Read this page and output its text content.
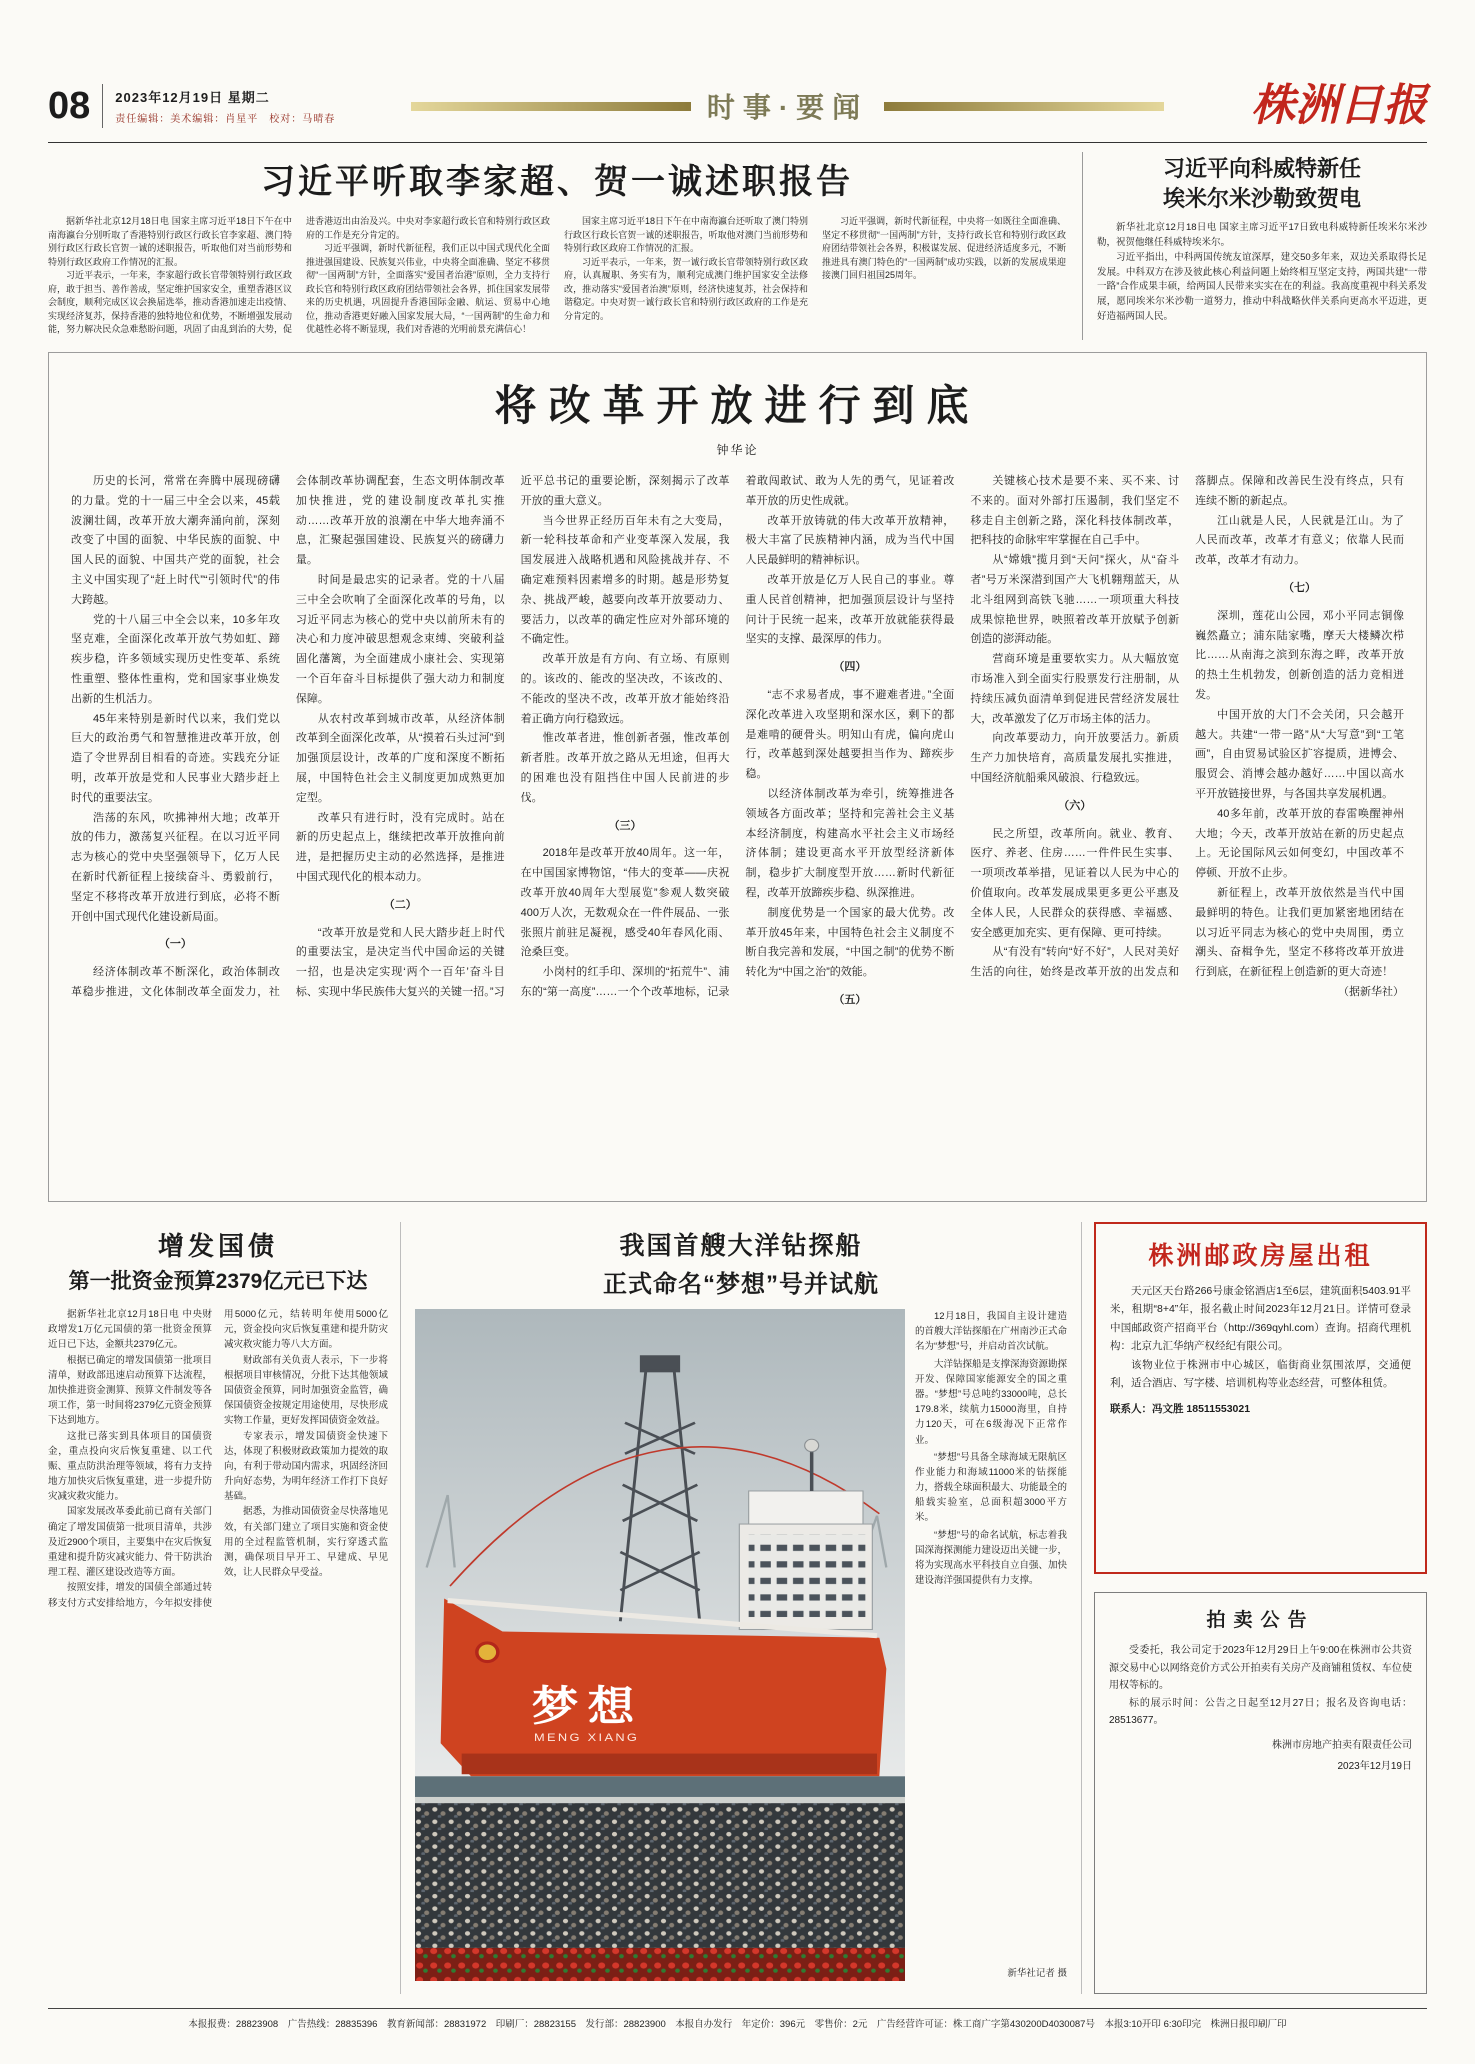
08 2023年12月19日 星期二
责任编辑：美术编辑：肖星平　校对：马晴春	时事·要闻	株洲日报
习近平听取李家超、贺一诚述职报告

据新华社北京12月18日电 国家主席习近平18日下午在中南海瀛台分别听取了香港特别行政区行政长官李家超、澳门特别行政区行政长官贺一诚的述职报告，听取他们对当前形势和特别行政区政府工作情况的汇报。

习近平表示，一年来，李家超行政长官带领特别行政区政府，敢于担当、善作善成，坚定维护国家安全，重塑香港区议会制度，顺利完成区议会换届选举，推动香港加速走出疫情、实现经济复苏，保持香港的独特地位和优势，不断增强发展动能，努力解决民众急难愁盼问题，巩固了由乱到治的大势，促进香港迈出由治及兴。中央对李家超行政长官和特别行政区政府的工作是充分肯定的。

习近平强调，新时代新征程，我们正以中国式现代化全面推进强国建设、民族复兴伟业，中央将全面准确、坚定不移贯彻“一国两制”方针，全面落实“爱国者治港”原则，全力支持行政长官和特别行政区政府团结带领社会各界，抓住国家发展带来的历史机遇，巩固提升香港国际金融、航运、贸易中心地位，推动香港更好融入国家发展大局，“一国两制”的生命力和优越性必将不断显现，我们对香港的光明前景充满信心！

国家主席习近平18日下午在中南海瀛台还听取了澳门特别行政区行政长官贺一诚的述职报告，听取他对澳门当前形势和特别行政区政府工作情况的汇报。

习近平表示，一年来，贺一诚行政长官带领特别行政区政府，认真履职、务实有为，顺利完成澳门维护国家安全法修改，推动落实“爱国者治澳”原则，经济快速复苏，社会保持和谐稳定。中央对贺一诚行政长官和特别行政区政府的工作是充分肯定的。

习近平强调，新时代新征程，中央将一如既往全面准确、坚定不移贯彻“一国两制”方针，支持行政长官和特别行政区政府团结带领社会各界，积极谋发展、促进经济适度多元，不断推进具有澳门特色的“一国两制”成功实践，以新的发展成果迎接澳门回归祖国25周年。

习近平向科威特新任
埃米尔米沙勒致贺电

新华社北京12月18日电 国家主席习近平17日致电科威特新任埃米尔米沙勒，祝贺他继任科威特埃米尔。

习近平指出，中科两国传统友谊深厚，建交50多年来，双边关系取得长足发展。中科双方在涉及彼此核心利益问题上始终相互坚定支持，两国共建“一带一路”合作成果丰硕，给两国人民带来实实在在的利益。我高度重视中科关系发展，愿同埃米尔米沙勒一道努力，推动中科战略伙伴关系向更高水平迈进，更好造福两国人民。

将改革开放进行到底
钟华论

历史的长河，常常在奔腾中展现磅礴的力量。党的十一届三中全会以来，45载波澜壮阔，改革开放大潮奔涌向前，深刻改变了中国的面貌、中华民族的面貌、中国人民的面貌、中国共产党的面貌，社会主义中国实现了“赶上时代”“引领时代”的伟大跨越。

党的十八届三中全会以来，10多年攻坚克难，全面深化改革开放气势如虹、蹄疾步稳，许多领域实现历史性变革、系统性重塑、整体性重构，党和国家事业焕发出新的生机活力。

45年来特别是新时代以来，我们党以巨大的政治勇气和智慧推进改革开放，创造了令世界刮目相看的奇迹。实践充分证明，改革开放是党和人民事业大踏步赶上时代的重要法宝。

浩荡的东风，吹拂神州大地；改革开放的伟力，激荡复兴征程。在以习近平同志为核心的党中央坚强领导下，亿万人民在新时代新征程上接续奋斗、勇毅前行，坚定不移将改革开放进行到底，必将不断开创中国式现代化建设新局面。

（一）

经济体制改革不断深化，政治体制改革稳步推进，文化体制改革全面发力，社会体制改革协调配套，生态文明体制改革加快推进，党的建设制度改革扎实推动……改革开放的浪潮在中华大地奔涌不息，汇聚起强国建设、民族复兴的磅礴力量。

时间是最忠实的记录者。党的十八届三中全会吹响了全面深化改革的号角，以习近平同志为核心的党中央以前所未有的决心和力度冲破思想观念束缚、突破利益固化藩篱，为全面建成小康社会、实现第一个百年奋斗目标提供了强大动力和制度保障。

从农村改革到城市改革，从经济体制改革到全面深化改革，从“摸着石头过河”到加强顶层设计，改革的广度和深度不断拓展，中国特色社会主义制度更加成熟更加定型。

改革只有进行时，没有完成时。站在新的历史起点上，继续把改革开放推向前进，是把握历史主动的必然选择，是推进中国式现代化的根本动力。

（二）

“改革开放是党和人民大踏步赶上时代的重要法宝，是决定当代中国命运的关键一招，也是决定实现‘两个一百年’奋斗目标、实现中华民族伟大复兴的关键一招。”习近平总书记的重要论断，深刻揭示了改革开放的重大意义。

当今世界正经历百年未有之大变局，新一轮科技革命和产业变革深入发展，我国发展进入战略机遇和风险挑战并存、不确定难预料因素增多的时期。越是形势复杂、挑战严峻，越要向改革开放要动力、要活力，以改革的确定性应对外部环境的不确定性。

改革开放是有方向、有立场、有原则的。该改的、能改的坚决改，不该改的、不能改的坚决不改，改革开放才能始终沿着正确方向行稳致远。

惟改革者进，惟创新者强，惟改革创新者胜。改革开放之路从无坦途，但再大的困难也没有阻挡住中国人民前进的步伐。

（三）

2018年是改革开放40周年。这一年，在中国国家博物馆，“伟大的变革——庆祝改革开放40周年大型展览”参观人数突破400万人次，无数观众在一件件展品、一张张照片前驻足凝视，感受40年春风化雨、沧桑巨变。

小岗村的红手印、深圳的“拓荒牛”、浦东的“第一高度”……一个个改革地标，记录着敢闯敢试、敢为人先的勇气，见证着改革开放的历史性成就。

改革开放铸就的伟大改革开放精神，极大丰富了民族精神内涵，成为当代中国人民最鲜明的精神标识。

改革开放是亿万人民自己的事业。尊重人民首创精神，把加强顶层设计与坚持问计于民统一起来，改革开放就能获得最坚实的支撑、最深厚的伟力。

（四）

“志不求易者成，事不避难者进。”全面深化改革进入攻坚期和深水区，剩下的都是难啃的硬骨头。明知山有虎，偏向虎山行，改革越到深处越要担当作为、蹄疾步稳。

以经济体制改革为牵引，统筹推进各领域各方面改革；坚持和完善社会主义基本经济制度，构建高水平社会主义市场经济体制；建设更高水平开放型经济新体制，稳步扩大制度型开放……新时代新征程，改革开放蹄疾步稳、纵深推进。

制度优势是一个国家的最大优势。改革开放45年来，中国特色社会主义制度不断自我完善和发展，“中国之制”的优势不断转化为“中国之治”的效能。

（五）

关键核心技术是要不来、买不来、讨不来的。面对外部打压遏制，我们坚定不移走自主创新之路，深化科技体制改革，把科技的命脉牢牢掌握在自己手中。

从“嫦娥”揽月到“天问”探火，从“奋斗者”号万米深潜到国产大飞机翱翔蓝天，从北斗组网到高铁飞驰……一项项重大科技成果惊艳世界，映照着改革开放赋予创新创造的澎湃动能。

营商环境是重要软实力。从大幅放宽市场准入到全面实行股票发行注册制，从持续压减负面清单到促进民营经济发展壮大，改革激发了亿万市场主体的活力。

向改革要动力，向开放要活力。新质生产力加快培育，高质量发展扎实推进，中国经济航船乘风破浪、行稳致远。

（六）

民之所望，改革所向。就业、教育、医疗、养老、住房……一件件民生实事、一项项改革举措，见证着以人民为中心的价值取向。改革发展成果更多更公平惠及全体人民，人民群众的获得感、幸福感、安全感更加充实、更有保障、更可持续。

从“有没有”转向“好不好”，人民对美好生活的向往，始终是改革开放的出发点和落脚点。保障和改善民生没有终点，只有连续不断的新起点。

江山就是人民，人民就是江山。为了人民而改革，改革才有意义；依靠人民而改革，改革才有动力。

（七）

深圳，莲花山公园，邓小平同志铜像巍然矗立；浦东陆家嘴，摩天大楼鳞次栉比……从南海之滨到东海之畔，改革开放的热土生机勃发，创新创造的活力竞相迸发。

中国开放的大门不会关闭，只会越开越大。共建“一带一路”从“大写意”到“工笔画”，自由贸易试验区扩容提质，进博会、服贸会、消博会越办越好……中国以高水平开放链接世界，与各国共享发展机遇。

40多年前，改革开放的春雷唤醒神州大地；今天，改革开放站在新的历史起点上。无论国际风云如何变幻，中国改革不停顿、开放不止步。

新征程上，改革开放依然是当代中国最鲜明的特色。让我们更加紧密地团结在以习近平同志为核心的党中央周围，勇立潮头、奋楫争先，坚定不移将改革开放进行到底，在新征程上创造新的更大奇迹！

（据新华社）

增发国债
第一批资金预算2379亿元已下达

据新华社北京12月18日电 中央财政增发1万亿元国债的第一批资金预算近日已下达，金额共2379亿元。

根据已确定的增发国债第一批项目清单，财政部迅速启动预算下达流程，加快推进资金测算、预算文件制发等各项工作，第一时间将2379亿元资金预算下达到地方。

这批已落实到具体项目的国债资金，重点投向灾后恢复重建、以工代赈、重点防洪治理等领域，将有力支持地方加快灾后恢复重建，进一步提升防灾减灾救灾能力。

国家发展改革委此前已商有关部门确定了增发国债第一批项目清单，共涉及近2900个项目，主要集中在灾后恢复重建和提升防灾减灾能力、骨干防洪治理工程、灌区建设改造等方面。

按照安排，增发的国债全部通过转移支付方式安排给地方，今年拟安排使用5000亿元，结转明年使用5000亿元，资金投向灾后恢复重建和提升防灾减灾救灾能力等八大方面。

财政部有关负责人表示，下一步将根据项目审核情况，分批下达其他领域国债资金预算，同时加强资金监管，确保国债资金按规定用途使用，尽快形成实物工作量，更好发挥国债资金效益。

专家表示，增发国债资金快速下达，体现了积极财政政策加力提效的取向，有利于带动国内需求，巩固经济回升向好态势，为明年经济工作打下良好基础。

据悉，为推动国债资金尽快落地见效，有关部门建立了项目实施和资金使用的全过程监管机制，实行穿透式监测，确保项目早开工、早建成、早见效，让人民群众早受益。

我国首艘大洋钻探船
正式命名“梦想”号并试航
梦想
MENG XIANG

12月18日，我国自主设计建造的首艘大洋钻探船在广州南沙正式命名为“梦想”号，并启动首次试航。

大洋钻探船是支撑深海资源勘探开发、保障国家能源安全的国之重器。“梦想”号总吨约33000吨，总长179.8米，续航力15000海里，自持力120天，可在6级海况下正常作业。

“梦想”号具备全球海域无限航区作业能力和海域11000米的钻探能力，搭载全球面积最大、功能最全的船载实验室，总面积超3000平方米。

“梦想”号的命名试航，标志着我国深海探测能力建设迈出关键一步，将为实现高水平科技自立自强、加快建设海洋强国提供有力支撑。

新华社记者 摄
株洲邮政房屋出租

天元区天台路266号康金铭酒店1至6层，建筑面积5403.91平米，租期“8+4”年，报名截止时间2023年12月21日。详情可登录中国邮政资产招商平台（http://369qyhl.com）查询。招商代理机构：北京九汇华纳产权经纪有限公司。

该物业位于株洲市中心城区，临街商业氛围浓厚，交通便利，适合酒店、写字楼、培训机构等业态经营，可整体租赁。

联系人：冯文胜 18511553021
拍卖公告

受委托，我公司定于2023年12月29日上午9:00在株洲市公共资源交易中心以网络竞价方式公开拍卖有关房产及商铺租赁权、车位使用权等标的。

标的展示时间：公告之日起至12月27日；报名及咨询电话：28513677。

株洲市房地产拍卖有限责任公司
2023年12月19日
本报报费：28823908　广告热线：28835396　教育新闻部：28831972　印刷厂：28823155　发行部：28823900　本报自办发行　年定价：396元　零售价：2元　广告经营许可证：株工商广字第430200D4030087号　本报3:10开印 6:30印完　株洲日报印刷厂印
